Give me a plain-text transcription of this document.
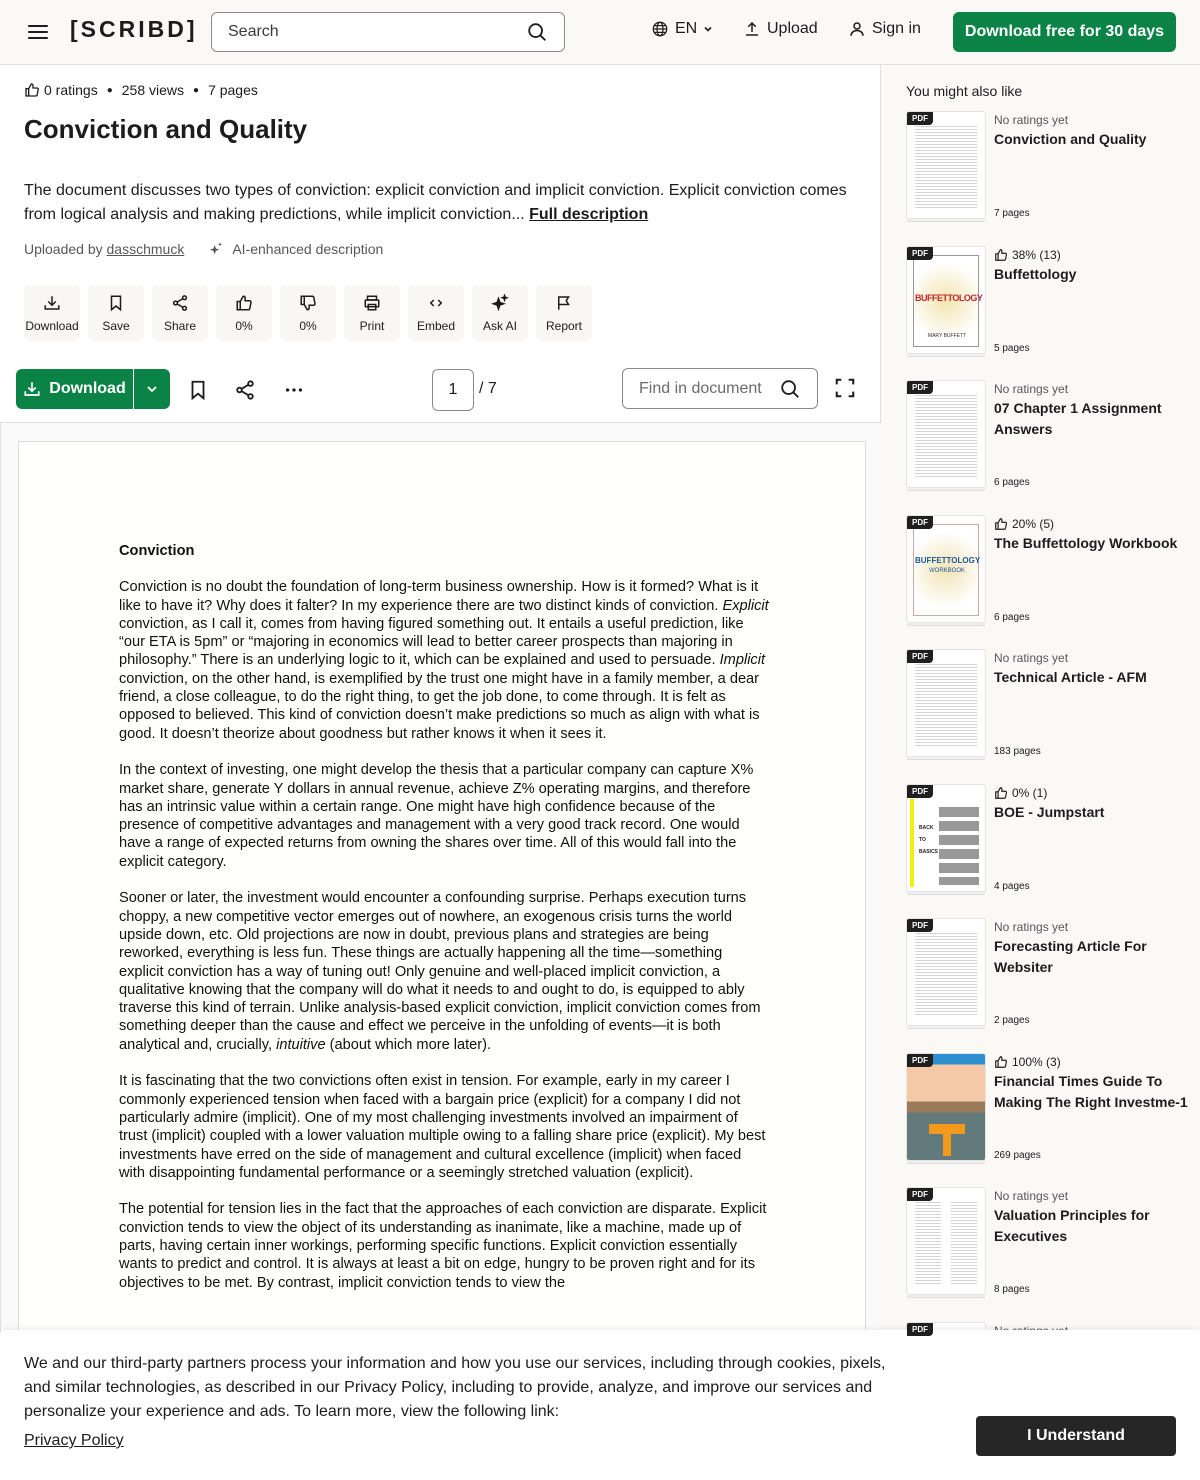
[SCRIBD]
Search	EN	Upload	Sign in	Download free for 30 days
0 ratings ● 258 views ● 7 pages
Conviction and Quality
The document discusses two types of conviction: explicit conviction and implicit conviction. Explicit conviction comes from logical analysis and making predictions, while implicit conviction... Full description
Uploaded by dasschmuck	AI-enhanced description
Download Save	Share	0%	0%	Print	Embed Ask AI Report
Download	1	/ 7
Find in document
Conviction

Conviction is no doubt the foundation of long-term business ownership. How is it formed? What is it like to have it? Why does it falter? In my experience there are two distinct kinds of conviction. Explicit conviction, as I call it, comes from having figured something out. It entails a useful prediction, like “our ETA is 5pm” or “majoring in economics will lead to better career prospects than majoring in philosophy.” There is an underlying logic to it, which can be explained and used to persuade. Implicit conviction, on the other hand, is exemplified by the trust one might have in a family member, a dear friend, a close colleague, to do the right thing, to get the job done, to come through. It is felt as opposed to believed. This kind of conviction doesn’t make predictions so much as align with what is good. It doesn’t theorize about goodness but rather knows it when it sees it.

In the context of investing, one might develop the thesis that a particular company can capture X% market share, generate Y dollars in annual revenue, achieve Z% operating margins, and therefore has an intrinsic value within a certain range. One might have high confidence because of the presence of competitive advantages and management with a very good track record. One would have a range of expected returns from owning the shares over time. All of this would fall into the explicit category.

Sooner or later, the investment would encounter a confounding surprise. Perhaps execution turns choppy, a new competitive vector emerges out of nowhere, an exogenous crisis turns the world upside down, etc. Old projections are now in doubt, previous plans and strategies are being reworked, everything is less fun. These things are actually happening all the time—something explicit conviction has a way of tuning out! Only genuine and well-placed implicit conviction, a qualitative knowing that the company will do what it needs to and ought to do, is equipped to ably traverse this kind of terrain. Unlike analysis-based explicit conviction, implicit conviction comes from something deeper than the cause and effect we perceive in the unfolding of events—it is both analytical and, crucially, intuitive (about which more later).

It is fascinating that the two convictions often exist in tension. For example, early in my career I commonly experienced tension when faced with a bargain price (explicit) for a company I did not particularly admire (implicit). One of my most challenging investments involved an impairment of trust (implicit) coupled with a lower valuation multiple owing to a falling share price (explicit). My best investments have erred on the side of management and cultural excellence (implicit) when faced with disappointing fundamental performance or a seemingly stretched valuation (explicit).

The potential for tension lies in the fact that the approaches of each conviction are disparate. Explicit conviction tends to view the object of its understanding as inanimate, like a machine, made up of parts, having certain inner workings, performing specific functions. Explicit conviction essentially wants to predict and control. It is always at least a bit on edge, hungry to be proven right and for its objectives to be met. By contrast, implicit conviction tends to view the

You might also like
PDF	No ratings yet
Conviction and Quality
7 pages
PDF
BUFFETTOLOGY
MARY BUFFETT
38% (13)
Buffettology
5 pages
PDF	No ratings yet
07 Chapter 1 Assignment Answers
6 pages
PDF
BUFFETTOLOGY
WORKBOOK
20% (5)
The Buffettology Workbook
6 pages
PDF	No ratings yet
Technical Article - AFM
183 pages
PDF
BACK

TO

BASICS
0% (1)
BOE - Jumpstart
4 pages
PDF	No ratings yet
Forecasting Article For Websiter
2 pages
PDF	100% (3)
Financial Times Guide To Making The Right Investme-1
269 pages
PDF	No ratings yet
Valuation Principles for Executives
8 pages
PDF
We and our third-party partners process your information and how you use our services, including through cookies, pixels, and similar technologies, as described in our Privacy Policy, including to provide, analyze, and improve our services and personalize your experience and ads. To learn more, view the following link:
Privacy Policy	I Understand
